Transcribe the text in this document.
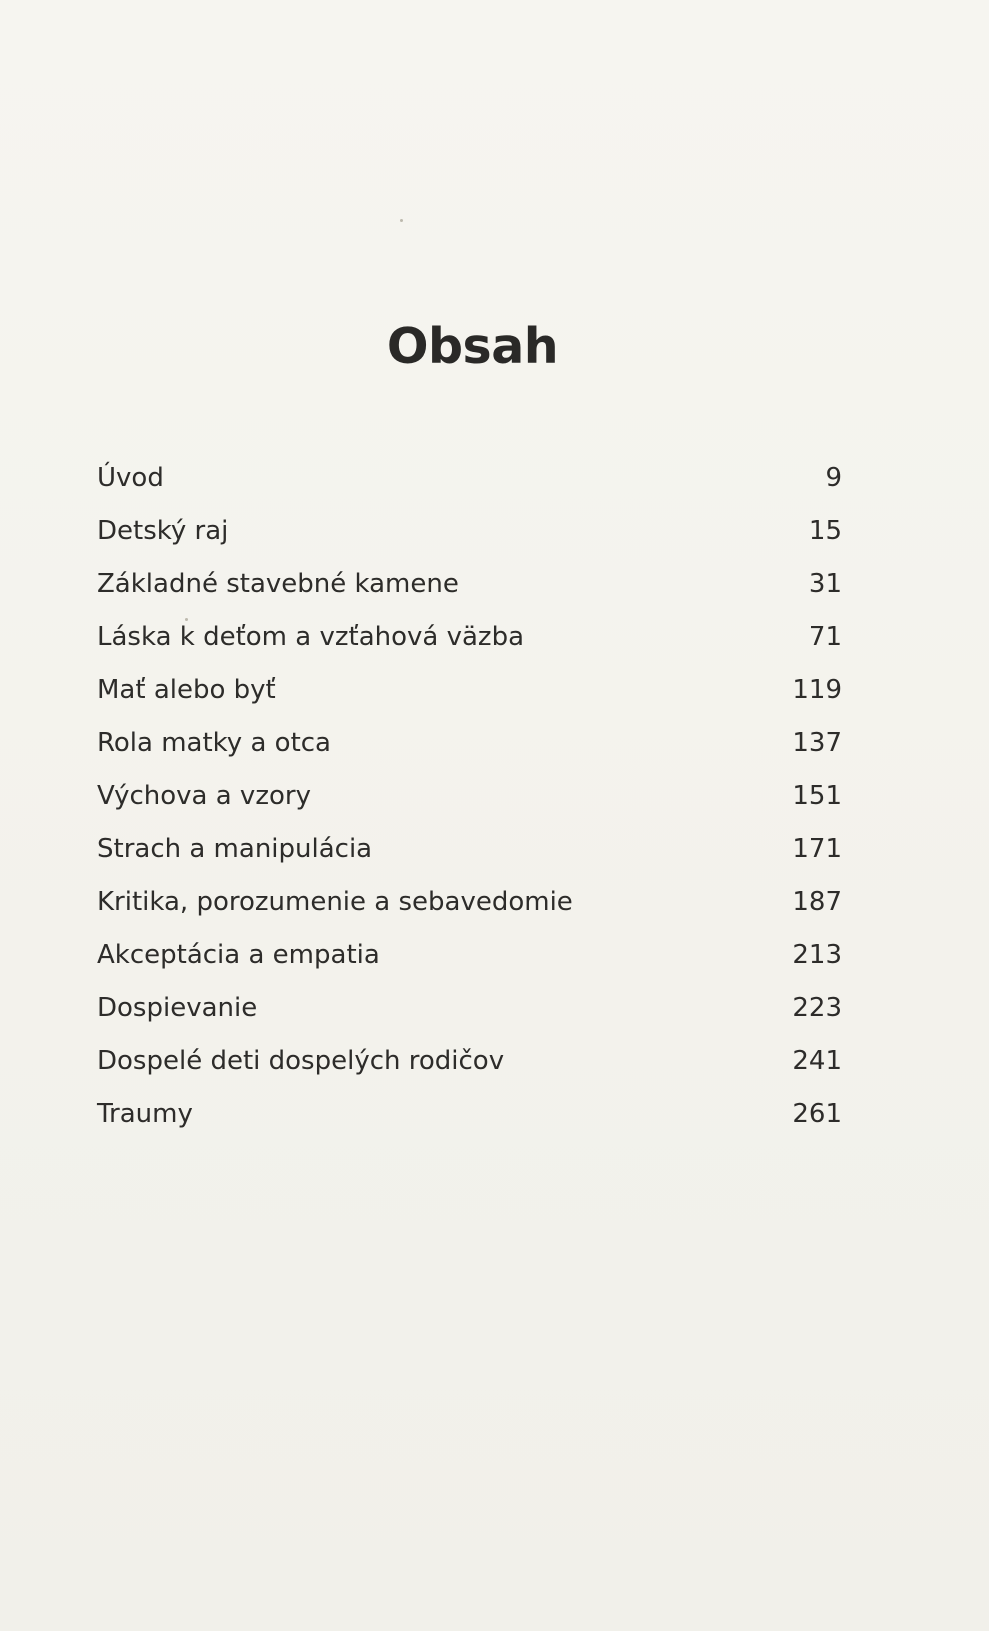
Obsah
Úvod	9
Detský raj	15
Základné stavebné kamene	31
Láska k deťom a vzťahová väzba	71
Mať alebo byť	119
Rola matky a otca	137
Výchova a vzory	151
Strach a manipulácia	171
Kritika, porozumenie a sebavedomie	187
Akceptácia a empatia	213
Dospievanie	223
Dospelé deti dospelých rodičov	241
Traumy	261
